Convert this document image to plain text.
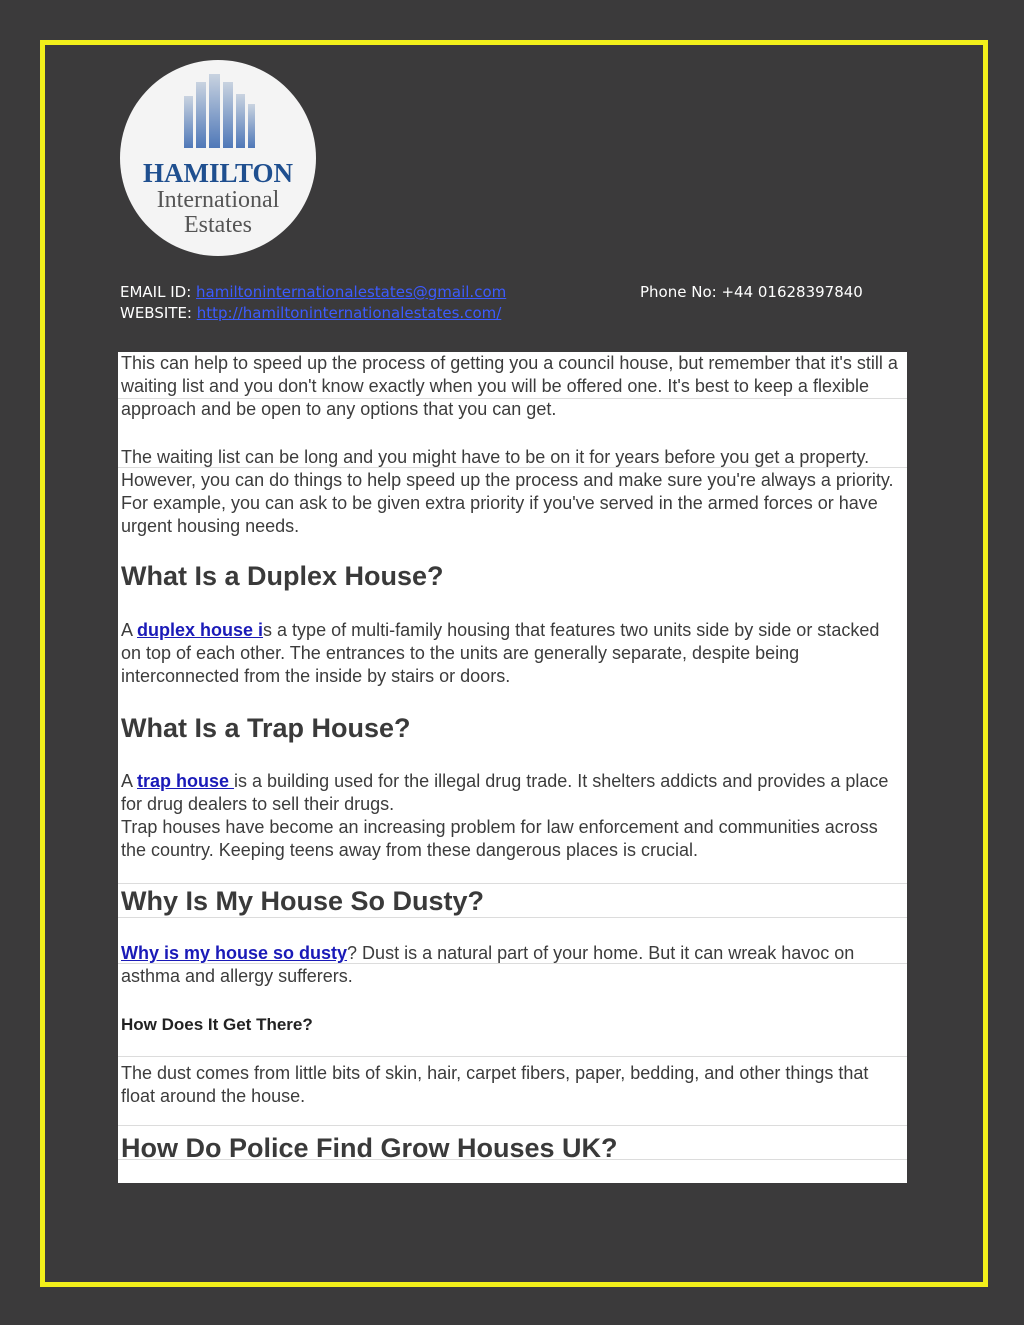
HAMILTON
International
Estates
EMAIL ID: hamiltoninternationalestates@gmail.com
WEBSITE: http://hamiltoninternationalestates.com/
Phone No: +44 01628397840

This can help to speed up the process of getting you a council house, but remember that it's still a waiting list and you don't know exactly when you will be offered one. It's best to keep a flexible approach and be open to any options that you can get.

The waiting list can be long and you might have to be on it for years before you get a property. However, you can do things to help speed up the process and make sure you're always a priority. For example, you can ask to be given extra priority if you've served in the armed forces or have urgent housing needs.

What Is a Duplex House?

A duplex house is a type of multi-family housing that features two units side by side or stacked on top of each other. The entrances to the units are generally separate, despite being interconnected from the inside by stairs or doors.

What Is a Trap House?

A trap house is a building used for the illegal drug trade. It shelters addicts and provides a place for drug dealers to sell their drugs.

Trap houses have become an increasing problem for law enforcement and communities across the country. Keeping teens away from these dangerous places is crucial.

Why Is My House So Dusty?

Why is my house so dusty? Dust is a natural part of your home. But it can wreak havoc on asthma and allergy sufferers.

How Does It Get There?

The dust comes from little bits of skin, hair, carpet fibers, paper, bedding, and other things that float around the house.

How Do Police Find Grow Houses UK?
